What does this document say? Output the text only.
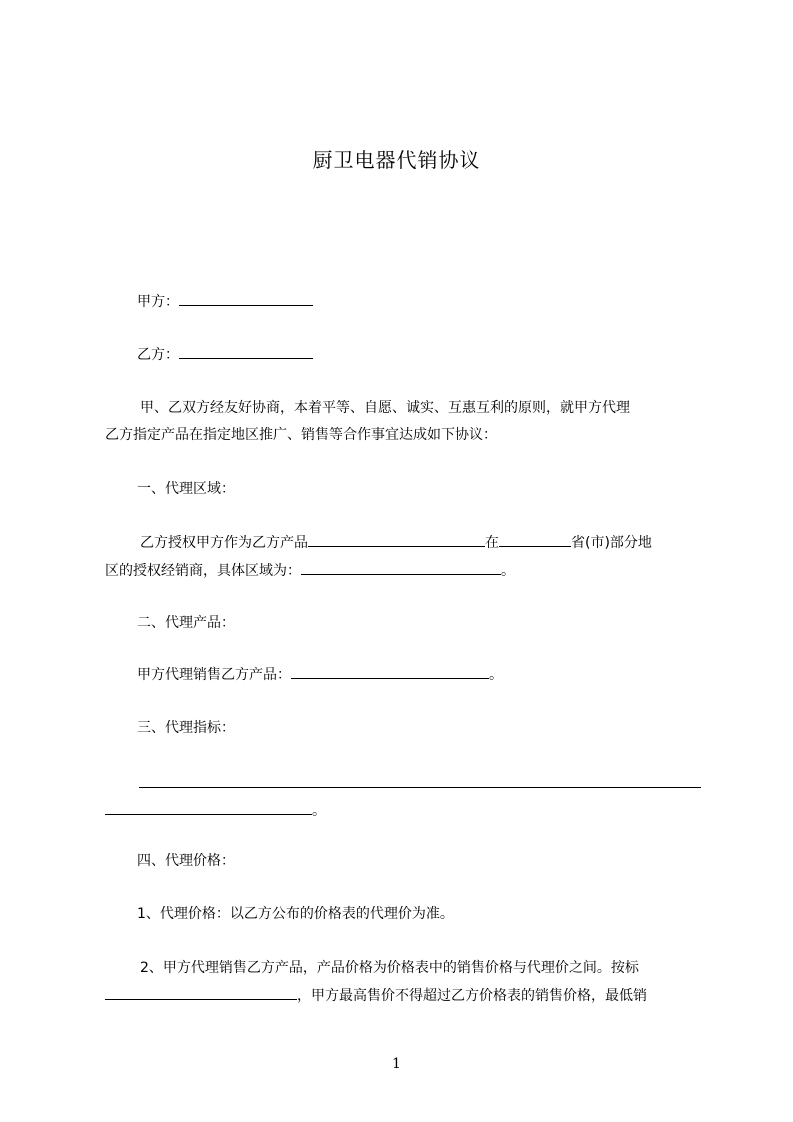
厨卫电器代销协议
甲方：
乙方：
甲、乙双方经友好协商，本着平等、自愿、诚实、互惠互利的原则，就甲方代理
乙方指定产品在指定地区推广、销售等合作事宜达成如下协议：
一、代理区域：
乙方授权甲方作为乙方产品	在	省(市)部分地
区的授权经销商，具体区域为：	。
二、代理产品：
甲方代理销售乙方产品：	。
三、代理指标：
。
四、代理价格：
1、代理价格：以乙方公布的价格表的代理价为准。
2、甲方代理销售乙方产品，产品价格为价格表中的销售价格与代理价之间。按标
，甲方最高售价不得超过乙方价格表的销售价格，最低销
1
